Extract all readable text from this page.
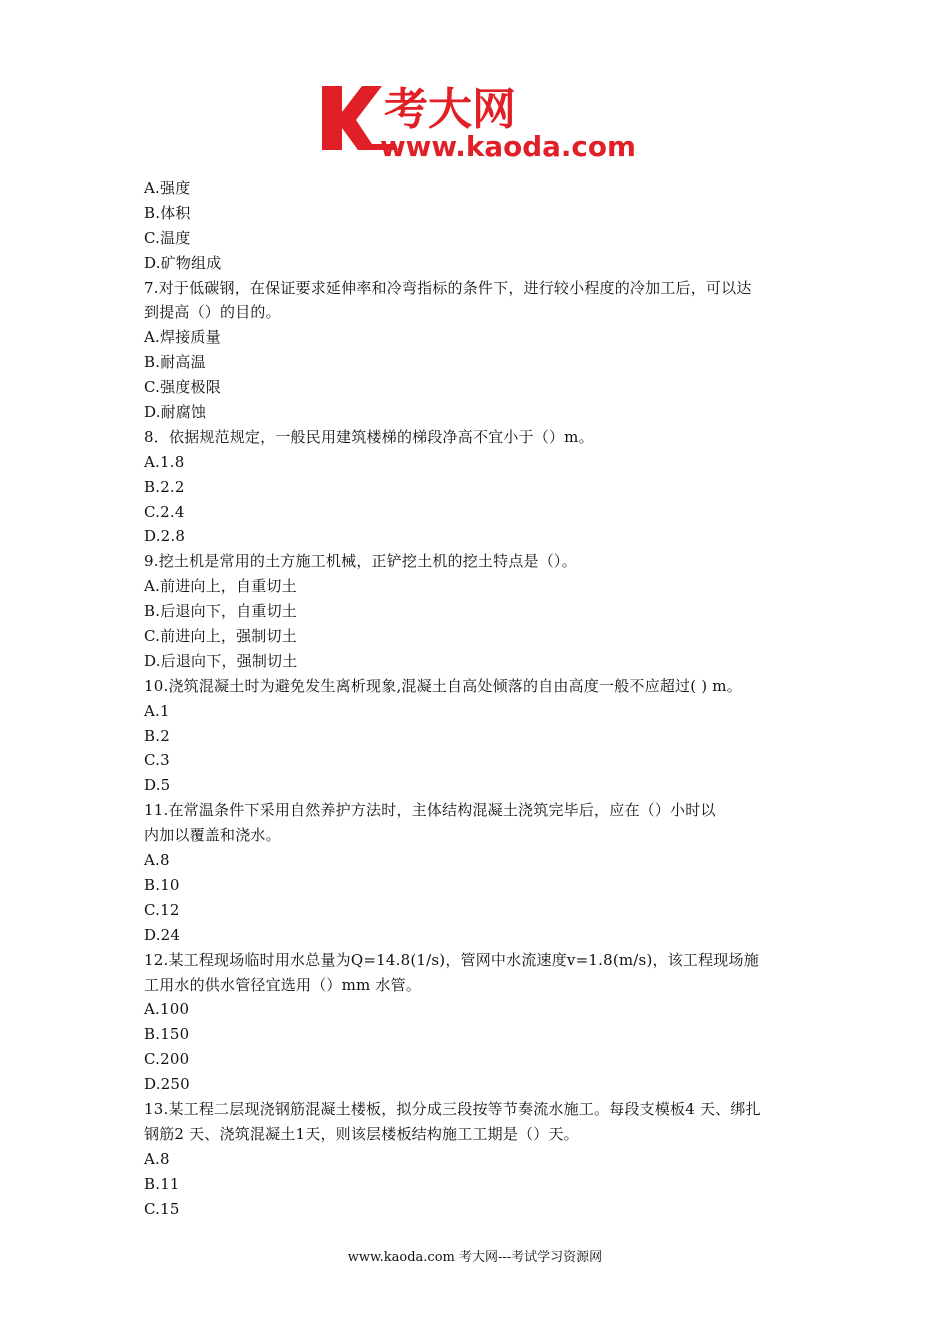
考大网
www.kaoda.com
A.强度
B.体积
C.温度
D.矿物组成
7.对于低碳钢，在保证要求延伸率和冷弯指标的条件下，进行较小程度的冷加工后，可以达
到提高（）的目的。
A.焊接质量
B.耐高温
C.强度极限
D.耐腐蚀
8．依据规范规定，一般民用建筑楼梯的梯段净高不宜小于（）m。
A.1.8
B.2.2
C.2.4
D.2.8
9.挖土机是常用的土方施工机械，正铲挖土机的挖土特点是（）。
A.前进向上，自重切土
B.后退向下，自重切土
C.前进向上，强制切土
D.后退向下，强制切土
10.浇筑混凝土时为避免发生离析现象,混凝土自高处倾落的自由高度一般不应超过( ) m。
A.1
B.2
C.3
D.5
11.在常温条件下采用自然养护方法时，主体结构混凝土浇筑完毕后，应在（）小时以
内加以覆盖和浇水。
A.8
B.10
C.12
D.24
12.某工程现场临时用水总量为Q=14.8(1/s)，管网中水流速度v=1.8(m/s)，该工程现场施
工用水的供水管径宜选用（）mm 水管。
A.100
B.150
C.200
D.250
13.某工程二层现浇钢筋混凝土楼板，拟分成三段按等节奏流水施工。每段支模板4 天、绑扎
钢筋2 天、浇筑混凝土1天，则该层楼板结构施工工期是（）天。
A.8
B.11
C.15
www.kaoda.com 考大网---考试学习资源网
